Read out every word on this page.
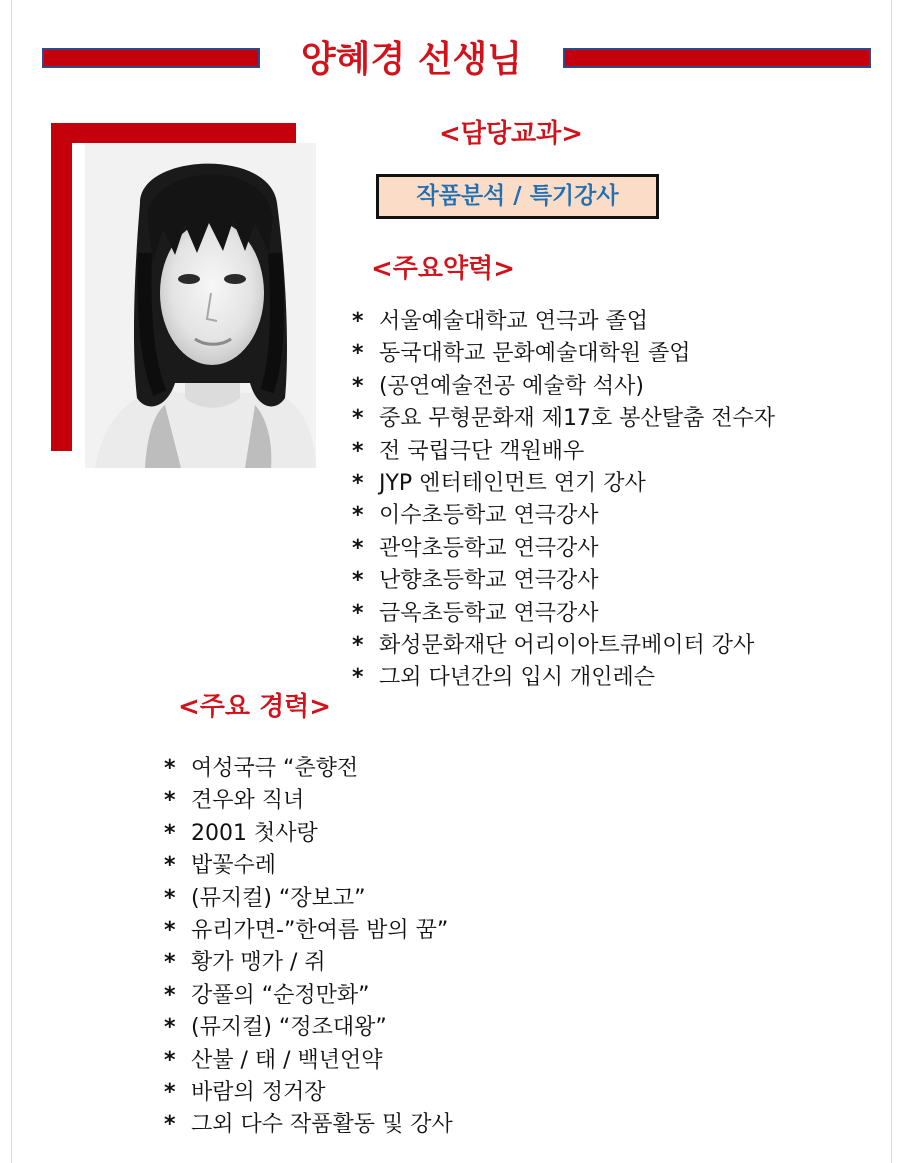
양혜경 선생님
<담당교과>
작품분석 / 특기강사
<주요약력>
* 서울예술대학교 연극과 졸업
* 동국대학교 문화예술대학원 졸업
* (공연예술전공 예술학 석사)
* 중요 무형문화재 제17호 봉산탈춤 전수자
* 전 국립극단 객원배우
* JYP 엔터테인먼트 연기 강사
* 이수초등학교 연극강사
* 관악초등학교 연극강사
* 난향초등학교 연극강사
* 금옥초등학교 연극강사
* 화성문화재단 어리이아트큐베이터 강사
* 그외 다년간의 입시 개인레슨
<주요 경력>
* 여성국극 “춘향전
* 견우와 직녀
* 2001 첫사랑
* 밥꽃수레
* (뮤지컬) “장보고”
* 유리가면-”한여름 밤의 꿈”
* 황가 맹가 / 쥐
* 강풀의 “순정만화”
* (뮤지컬) “정조대왕”
* 산불 / 태 / 백년언약
* 바람의 정거장
* 그외 다수 작품활동 및 강사
